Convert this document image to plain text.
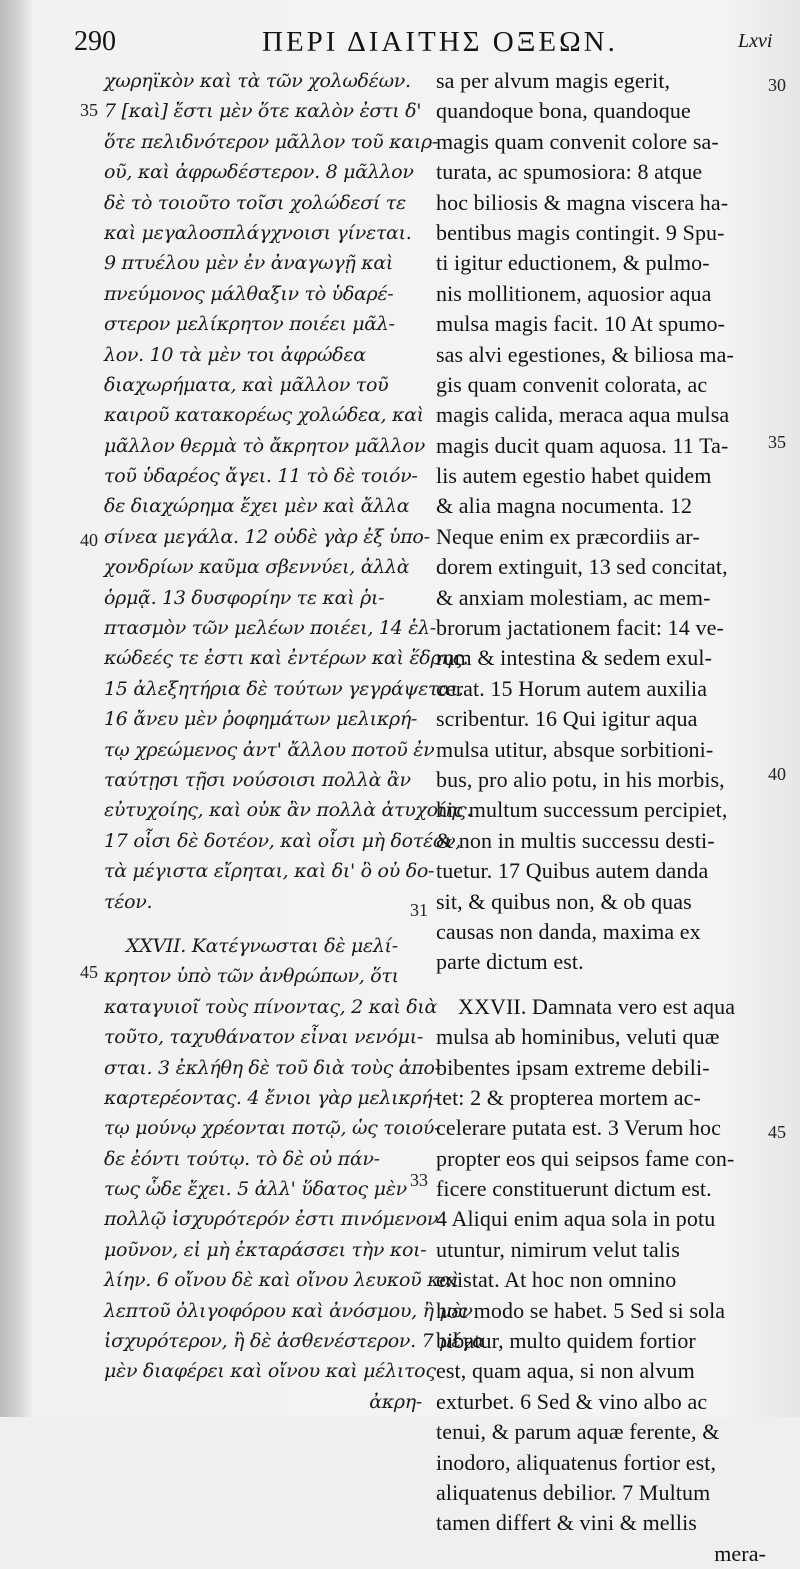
290	ΠΕΡΙ ΔΙΑΙΤΗΣ ΟΞΕΩΝ.	Lxvi
35
40
45
31
33
30
35
40
45
χωρηϊκὸν καὶ τὰ τῶν χολωδέων.
7 [καὶ] ἔστι μὲν ὅτε καλὸν ἐστι δ'
ὅτε πελιδνότερον μᾶλλον τοῦ καιρ-
οῦ, καὶ ἀφρωδέστερον. 8 μᾶλλον
δὲ τὸ τοιοῦτο τοῖσι χολώδεσί τε
καὶ μεγαλοσπλάγχνοισι γίνεται.
9 πτυέλου μὲν ἐν ἀναγωγῇ καὶ
πνεύμονος μάλθαξιν τὸ ὑδαρέ-
στερον μελίκρητον ποιέει μᾶλ-
λον. 10 τὰ μὲν τοι ἀφρώδεα
διαχωρήματα, καὶ μᾶλλον τοῦ
καιροῦ κατακορέως χολώδεα, καὶ
μᾶλλον θερμὰ τὸ ἄκρητον μᾶλλον
τοῦ ὑδαρέος ἄγει. 11 τὸ δὲ τοιόν-
δε διαχώρημα ἔχει μὲν καὶ ἄλλα
σίνεα μεγάλα. 12 οὐδὲ γὰρ ἐξ ὑπο-
χονδρίων καῦμα σβεννύει, ἀλλὰ
ὁρμᾷ. 13 δυσφορίην τε καὶ ῥι-
πτασμὸν τῶν μελέων ποιέει, 14 ἑλ-
κώδεές τε ἐστι καὶ ἐντέρων καὶ ἕδρης.
15 ἀλεξητήρια δὲ τούτων γεγράψεται.
16 ἄνευ μὲν ῥοφημάτων μελικρή-
τῳ χρεώμενος ἀντ' ἄλλου ποτοῦ ἐν
ταύτῃσι τῇσι νούσοισι πολλὰ ἂν
εὐτυχοίης, καὶ οὐκ ἂν πολλὰ ἀτυχοίης.
17 οἷσι δὲ δοτέον, καὶ οἷσι μὴ δοτέον,
τὰ μέγιστα εἴρηται, καὶ δι' ὃ οὐ δο-
τέον.
XXVII. Κατέγνωσται δὲ μελί-
κρητον ὑπὸ τῶν ἀνθρώπων, ὅτι
καταγυιοῖ τοὺς πίνοντας, 2 καὶ διὰ
τοῦτο, ταχυθάνατον εἶναι νενόμι-
σται. 3 ἐκλήθη δὲ τοῦ διὰ τοὺς ἀπο-
καρτερέοντας. 4 ἔνιοι γὰρ μελικρή-
τῳ μούνῳ χρέονται ποτῷ, ὡς τοιού-
δε ἐόντι τούτῳ. τὸ δὲ οὐ πάν-
τως ὧδε ἔχει. 5 ἀλλ' ὕδατος μὲν
πολλῷ ἰσχυρότερόν ἐστι πινόμενον
μοῦνον, εἰ μὴ ἐκταράσσει τὴν κοι-
λίην. 6 οἴνου δὲ καὶ οἴνου λευκοῦ καὶ
λεπτοῦ ὀλιγοφόρου καὶ ἀνόσμου, ἢ μὲν
ἰσχυρότερον, ἢ δὲ ἀσθενέστερον. 7 μέγα
μὲν διαφέρει καὶ οἴνου καὶ μέλιτος
ἀκρη-
sa per alvum magis egerit,
quandoque bona, quandoque
magis quam convenit colore sa-
turata, ac spumosiora: 8 atque
hoc biliosis & magna viscera ha-
bentibus magis contingit. 9 Spu-
ti igitur eductionem, & pulmo-
nis mollitionem, aquosior aqua
mulsa magis facit. 10 At spumo-
sas alvi egestiones, & biliosa ma-
gis quam convenit colorata, ac
magis calida, meraca aqua mulsa
magis ducit quam aquosa. 11 Ta-
lis autem egestio habet quidem
& alia magna nocumenta. 12
Neque enim ex præcordiis ar-
dorem extinguit, 13 sed concitat,
& anxiam molestiam, ac mem-
brorum jactationem facit: 14 ve-
rum & intestina & sedem exul-
cerat. 15 Horum autem auxilia
scribentur. 16 Qui igitur aqua
mulsa utitur, absque sorbitioni-
bus, pro alio potu, in his morbis,
hic multum successum percipiet,
& non in multis successu desti-
tuetur. 17 Quibus autem danda
sit, & quibus non, & ob quas
causas non danda, maxima ex
parte dictum est.
XXVII. Damnata vero est aqua
mulsa ab hominibus, veluti quæ
bibentes ipsam extreme debili-
tet: 2 & propterea mortem ac-
celerare putata est. 3 Verum hoc
propter eos qui seipsos fame con-
ficere constituerunt dictum est.
4 Aliqui enim aqua sola in potu
utuntur, nimirum velut talis
existat. At hoc non omnino
hoc modo se habet. 5 Sed si sola
bibatur, multo quidem fortior
est, quam aqua, si non alvum
exturbet. 6 Sed & vino albo ac
tenui, & parum aquæ ferente, &
inodoro, aliquatenus fortior est,
aliquatenus debilior. 7 Multum
tamen differt & vini & mellis
mera-
